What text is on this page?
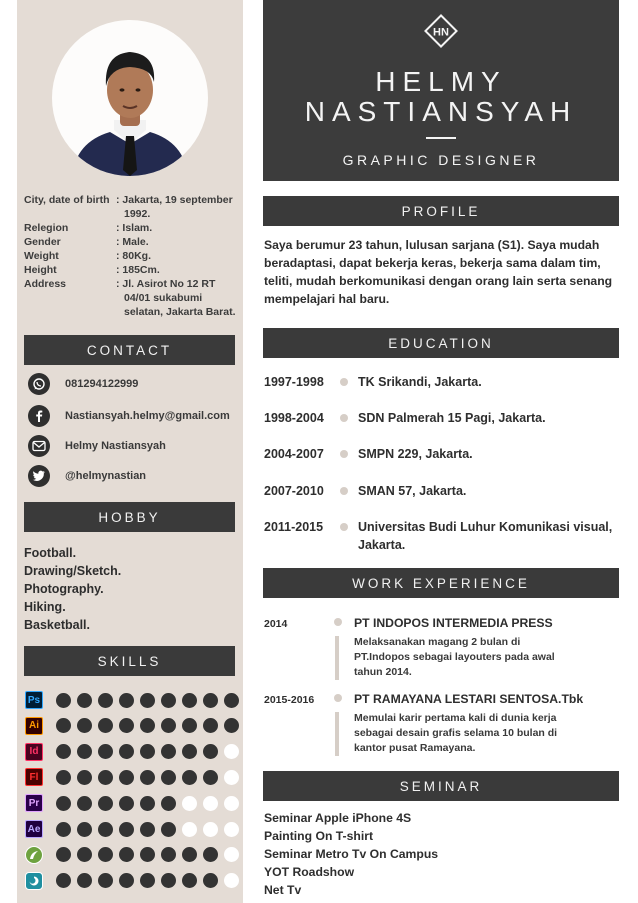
City, date of birth : Jakarta, 19 september 1992.
Relegion	: Islam.
Gender	: Male.
Weight	: 80Kg.
Height	: 185Cm.
Address	: Jl. Asirot No 12 RT 04/01 sukabumi selatan, Jakarta Barat.
CONTACT
081294122999
Nastiansyah.helmy@gmail.com
Helmy Nastiansyah
@helmynastian
HOBBY
Football.
Drawing/Sketch.
Photography.
Hiking.
Basketball.
SKILLS
Ps
Ai
Id
Fl
Pr
Ae
HN
HELMY
NASTIANSYAH
GRAPHIC DESIGNER
PROFILE
Saya berumur 23 tahun, lulusan sarjana (S1). Saya mudah beradaptasi, dapat bekerja keras, bekerja sama dalam tim, teliti, mudah berkomunikasi dengan orang lain serta senang mempelajari hal baru.
EDUCATION
1997-1998	TK Srikandi, Jakarta.
1998-2004	SDN Palmerah 15 Pagi, Jakarta.
2004-2007	SMPN 229, Jakarta.
2007-2010	SMAN 57, Jakarta.
2011-2015	Universitas Budi Luhur Komunikasi visual, Jakarta.
WORK EXPERIENCE
2014	PT INDOPOS INTERMEDIA PRESS
Melaksanakan magang 2 bulan di PT.Indopos sebagai layouters pada awal tahun 2014.
2015-2016	PT RAMAYANA LESTARI SENTOSA.Tbk
Memulai karir pertama kali di dunia kerja sebagai desain grafis selama 10 bulan di kantor pusat Ramayana.
SEMINAR
Seminar Apple iPhone 4S
Painting On T-shirt
Seminar Metro Tv On Campus
YOT Roadshow
Net Tv
